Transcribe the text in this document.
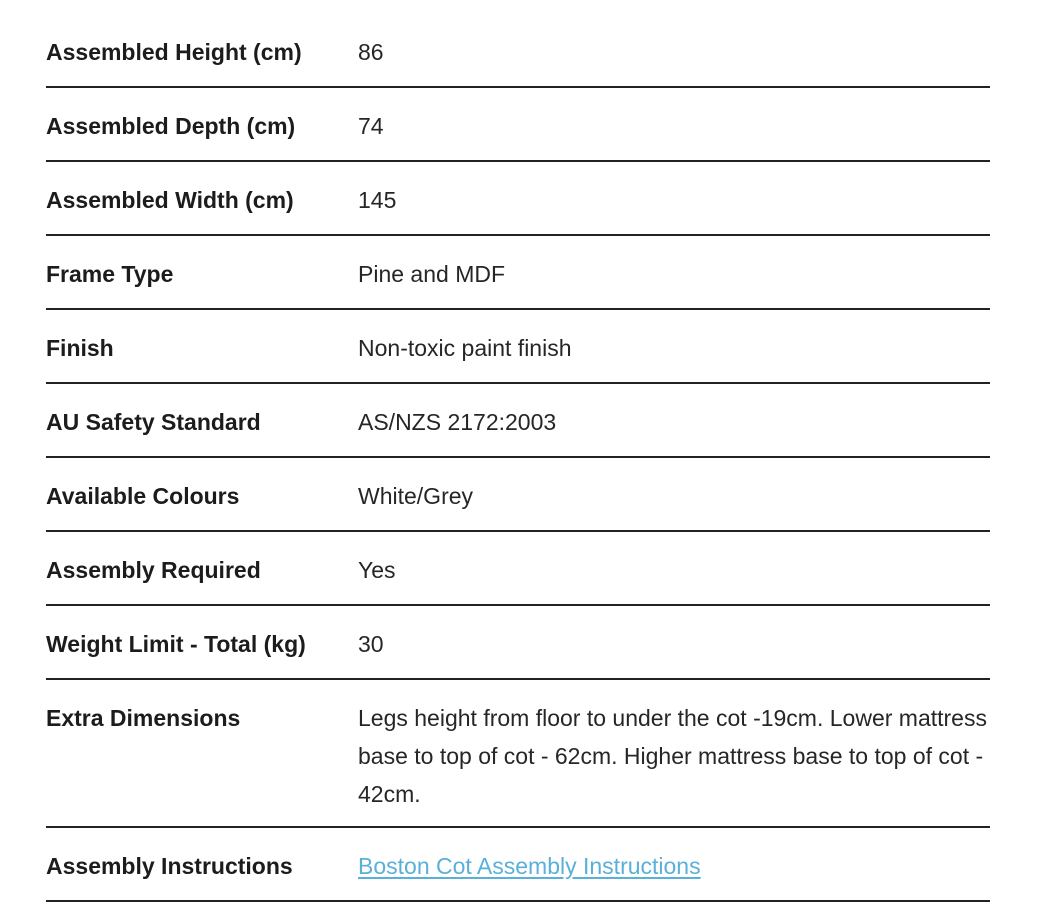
Assembled Height (cm)	86
Assembled Depth (cm)	74
Assembled Width (cm)	145
Frame Type	Pine and MDF
Finish	Non-toxic paint finish
AU Safety Standard	AS/NZS 2172:2003
Available Colours	White/Grey
Assembly Required	Yes
Weight Limit - Total (kg)	30
Extra Dimensions	Legs height from floor to under the cot -19cm. Lower mattress base to top of cot - 62cm. Higher mattress base to top of cot - 42cm.
Assembly Instructions	Boston Cot Assembly Instructions
